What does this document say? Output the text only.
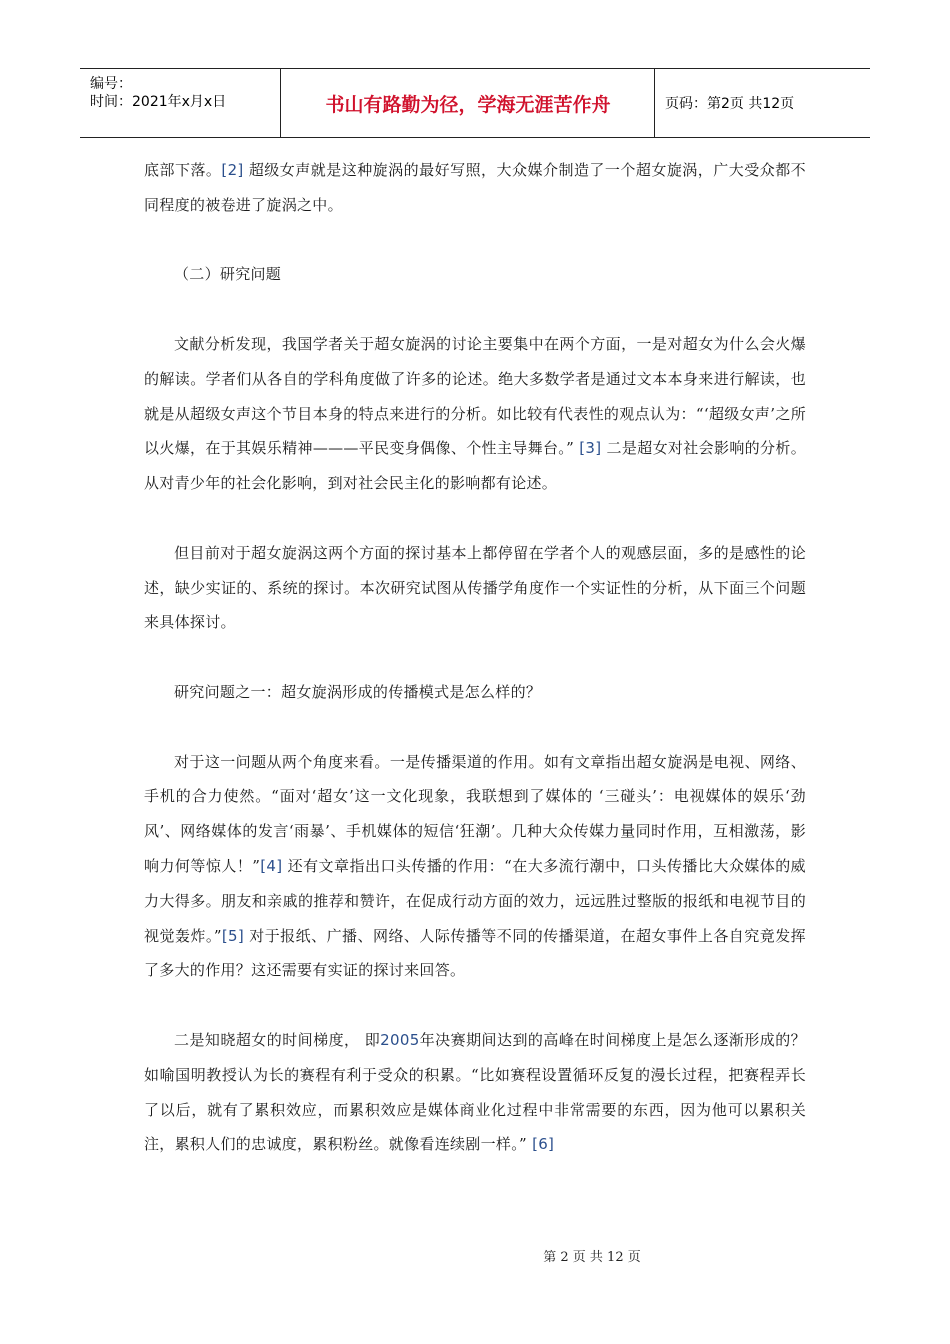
编号：
时间：2021年x月x日	书山有路勤为径，学海无涯苦作舟	页码：第2页 共12页

底部下落。[2] 超级女声就是这种旋涡的最好写照，大众媒介制造了一个超女旋涡，广大受众都不同程度的被卷进了旋涡之中。

（二）研究问题

文献分析发现，我国学者关于超女旋涡的讨论主要集中在两个方面，一是对超女为什么会火爆的解读。学者们从各自的学科角度做了许多的论述。绝大多数学者是通过文本本身来进行解读，也就是从超级女声这个节目本身的特点来进行的分析。如比较有代表性的观点认为：“‘超级女声’之所以火爆，在于其娱乐精神———平民变身偶像、个性主导舞台。” [3] 二是超女对社会影响的分析。从对青少年的社会化影响，到对社会民主化的影响都有论述。

但目前对于超女旋涡这两个方面的探讨基本上都停留在学者个人的观感层面，多的是感性的论述，缺少实证的、系统的探讨。本次研究试图从传播学角度作一个实证性的分析，从下面三个问题来具体探讨。

研究问题之一：超女旋涡形成的传播模式是怎么样的？

对于这一问题从两个角度来看。一是传播渠道的作用。如有文章指出超女旋涡是电视、网络、手机的合力使然。“面对‘超女’这一文化现象，我联想到了媒体的 ‘三碰头’：电视媒体的娱乐‘劲风’、网络媒体的发言‘雨暴’、手机媒体的短信‘狂潮’。几种大众传媒力量同时作用，互相激荡，影响力何等惊人！”[4] 还有文章指出口头传播的作用：“在大多流行潮中，口头传播比大众媒体的威力大得多。朋友和亲戚的推荐和赞许，在促成行动方面的效力，远远胜过整版的报纸和电视节目的视觉轰炸。”[5] 对于报纸、广播、网络、人际传播等不同的传播渠道，在超女事件上各自究竟发挥了多大的作用？这还需要有实证的探讨来回答。

二是知晓超女的时间梯度， 即2005年决赛期间达到的高峰在时间梯度上是怎么逐渐形成的？如喻国明教授认为长的赛程有利于受众的积累。“比如赛程设置循环反复的漫长过程，把赛程弄长了以后，就有了累积效应，而累积效应是媒体商业化过程中非常需要的东西，因为他可以累积关注，累积人们的忠诚度，累积粉丝。就像看连续剧一样。” [6]

第 2 页 共 12 页
